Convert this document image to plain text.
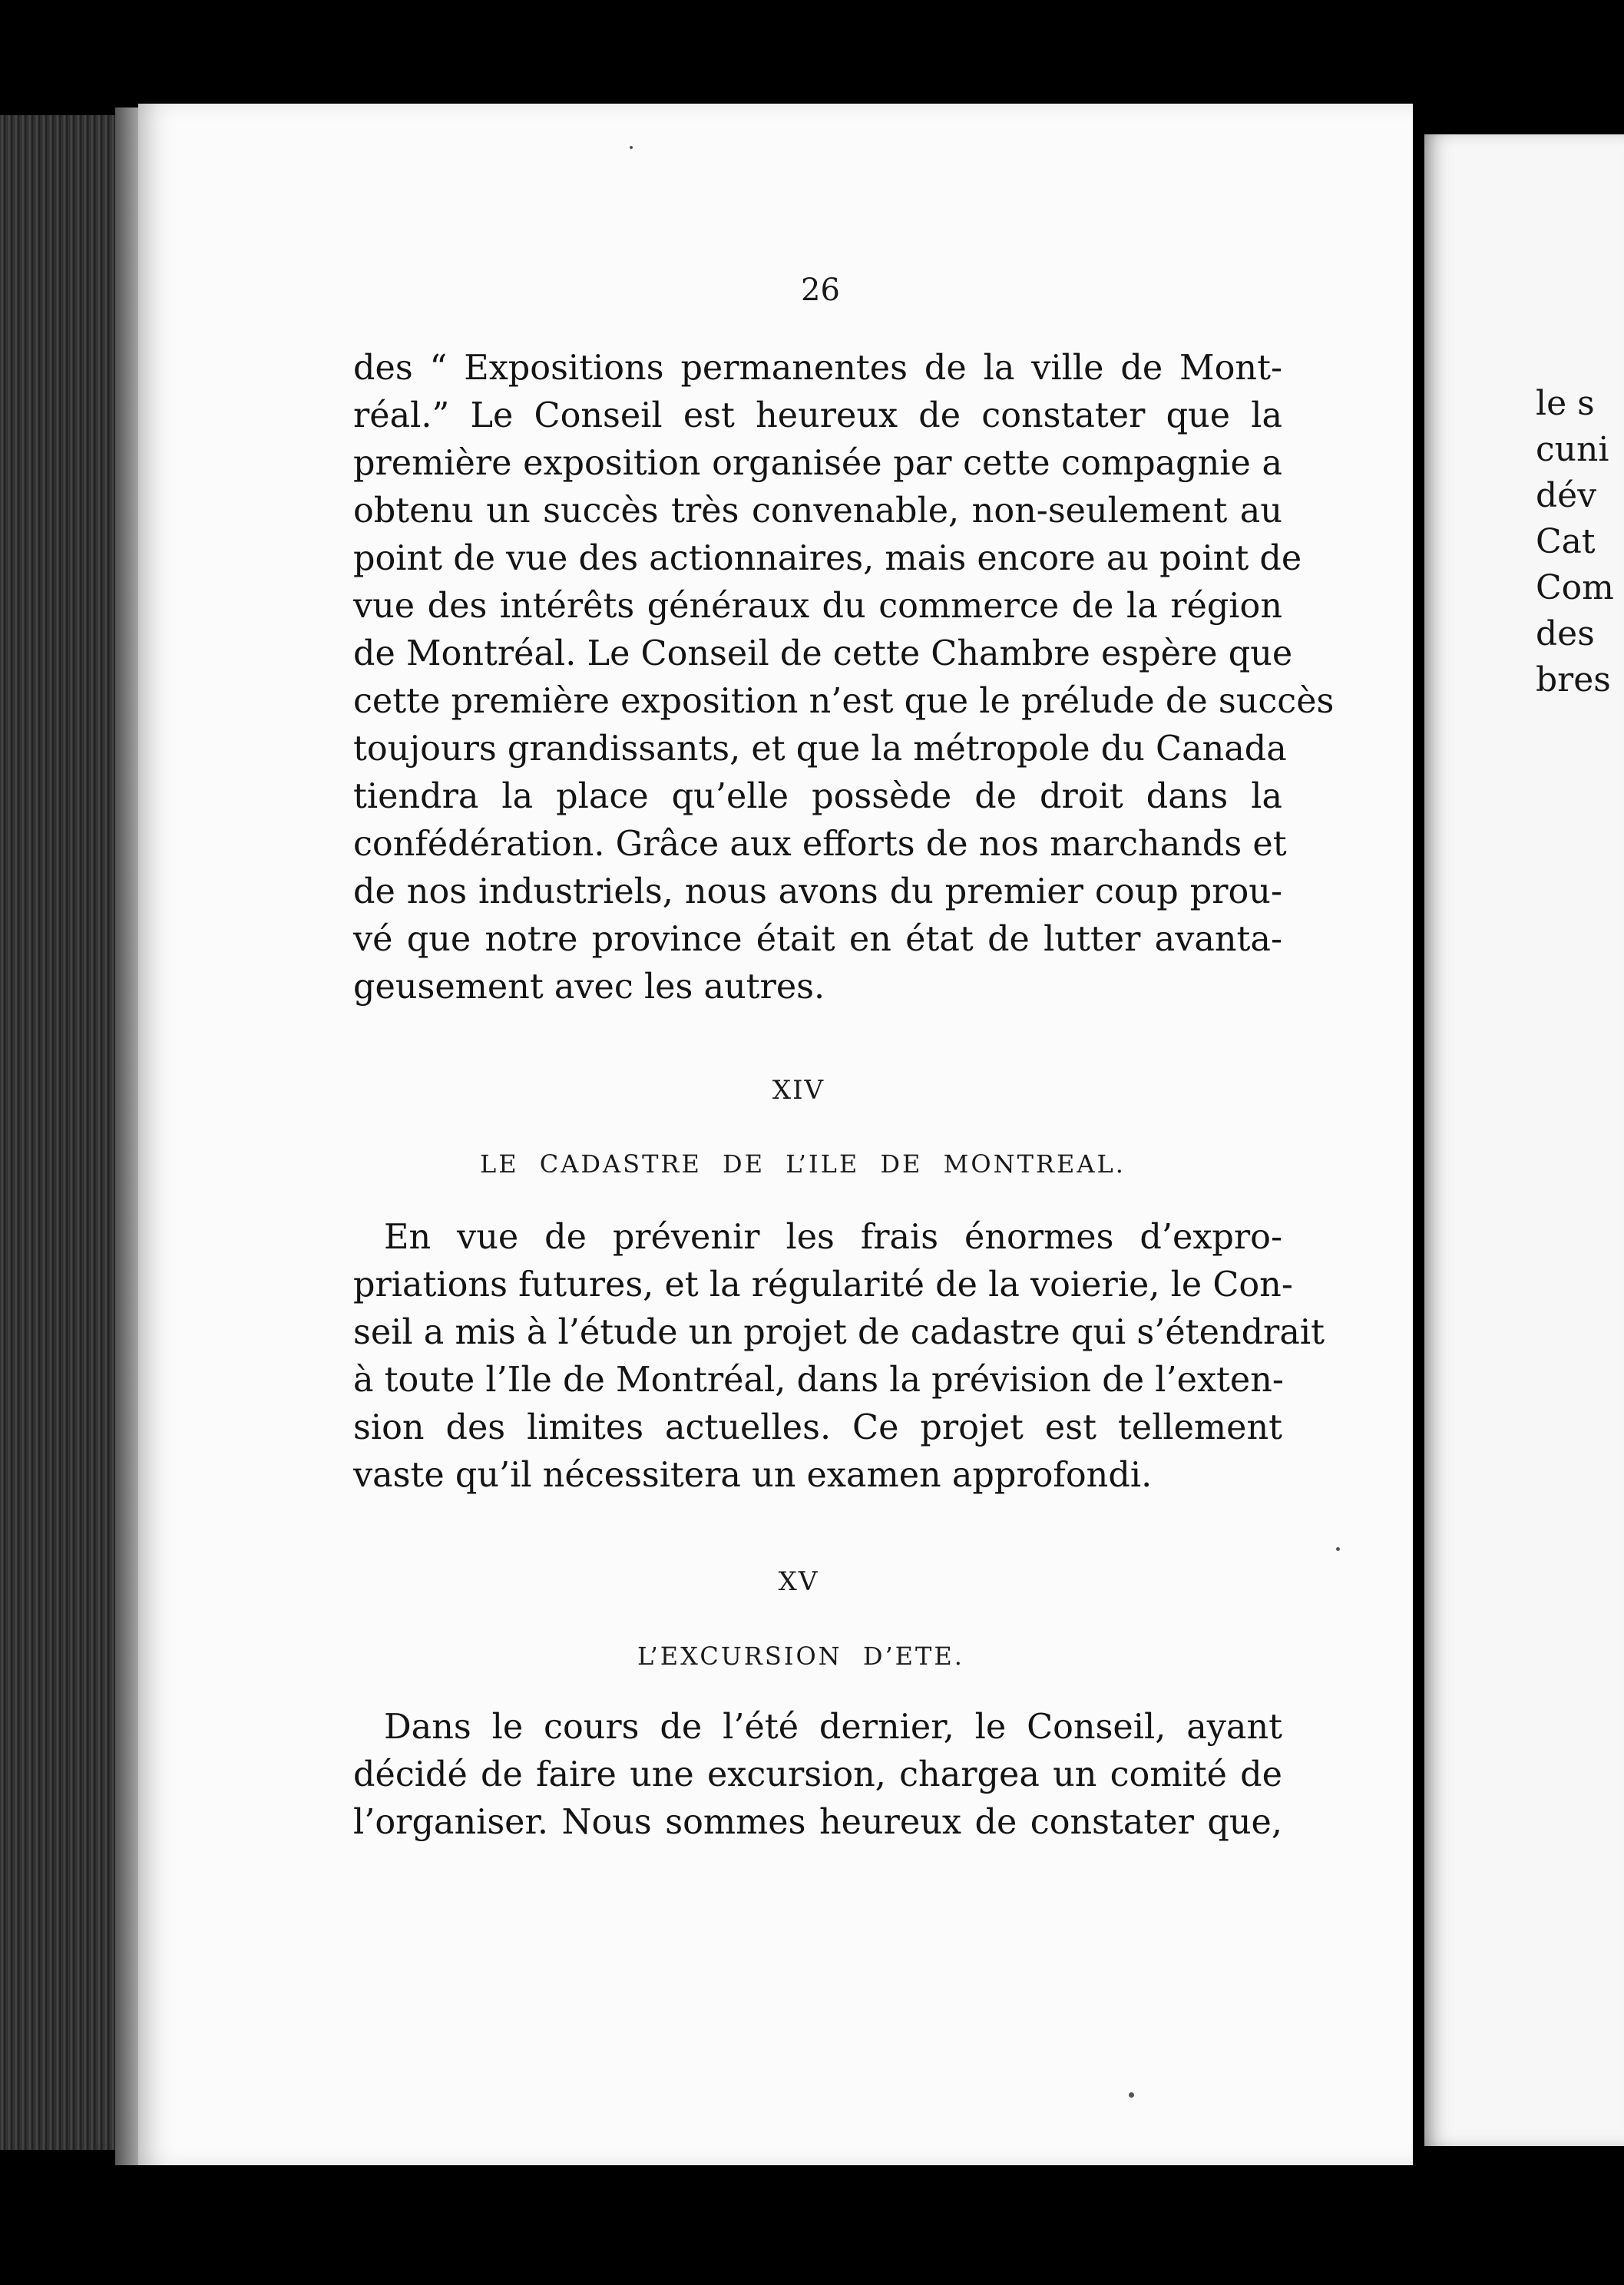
le s
cuni
dév
Cat
Com
des
bres
26
des “ Expositions permanentes de la ville de Mont-
réal.” Le Conseil est heureux de constater que la
première exposition organisée par cette compagnie a
obtenu un succès très convenable, non-seulement au
point de vue des actionnaires, mais encore au point de
vue des intérêts généraux du commerce de la région
de Montréal. Le Conseil de cette Chambre espère que
cette première exposition n’est que le prélude de succès
toujours grandissants, et que la métropole du Canada
tiendra la place qu’elle possède de droit dans la
confédération. Grâce aux efforts de nos marchands et
de nos industriels, nous avons du premier coup prou-
vé que notre province était en état de lutter avanta-
geusement avec les autres.
XIV
LE CADASTRE DE L’ILE DE MONTREAL.
En vue de prévenir les frais énormes d’expro-
priations futures, et la régularité de la voierie, le Con-
seil a mis à l’étude un projet de cadastre qui s’étendrait
à toute l’Ile de Montréal, dans la prévision de l’exten-
sion des limites actuelles. Ce projet est tellement
vaste qu’il nécessitera un examen approfondi.
XV
L’EXCURSION D’ETE.
Dans le cours de l’été dernier, le Conseil, ayant
décidé de faire une excursion, chargea un comité de
l’organiser. Nous sommes heureux de constater que,
